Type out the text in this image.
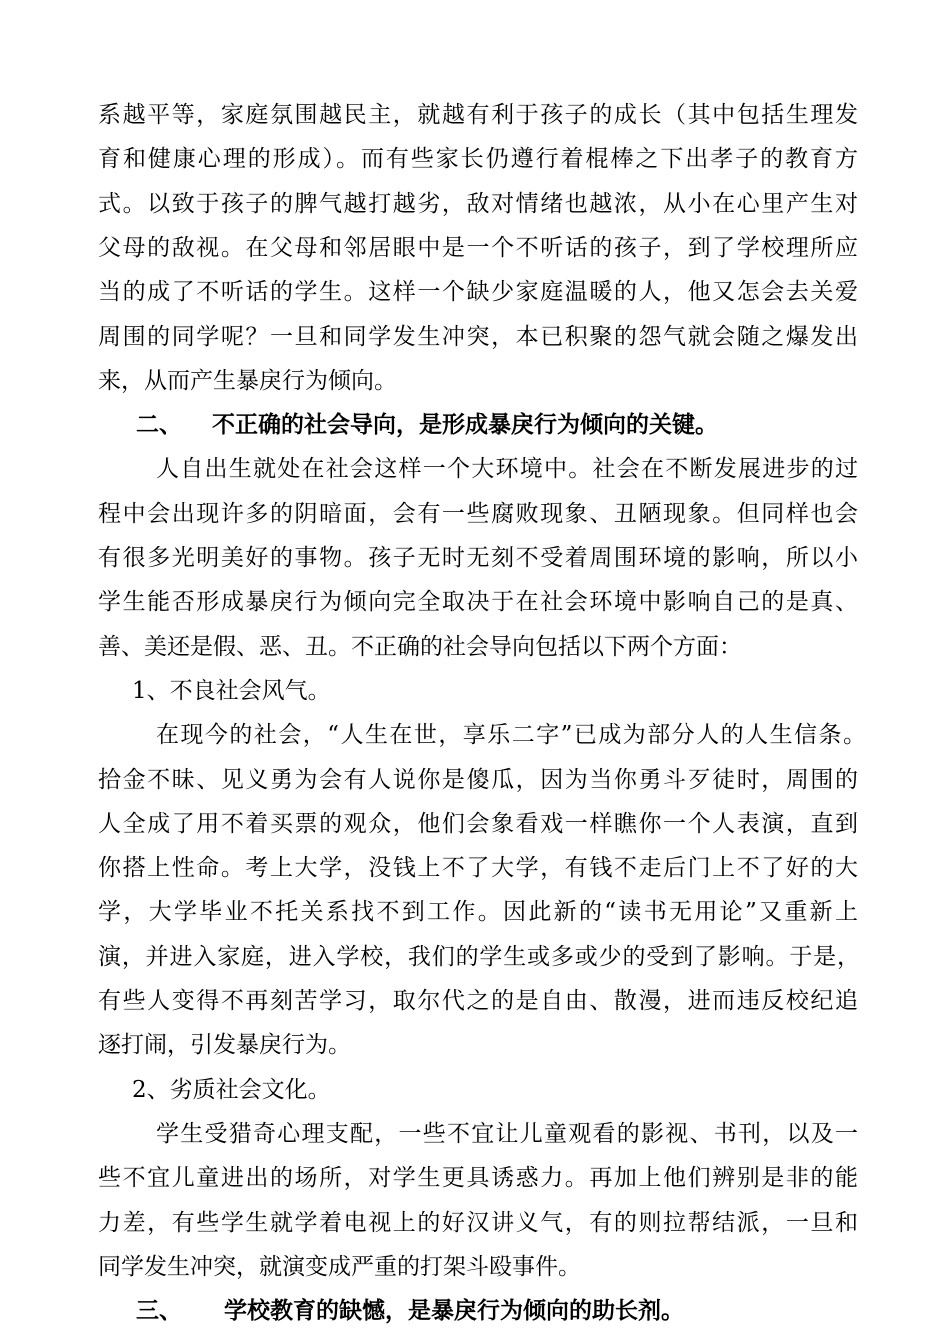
系越平等，家庭氛围越民主，就越有利于孩子的成长（其中包括生理发
育和健康心理的形成）。而有些家长仍遵行着棍棒之下出孝子的教育方
式。以致于孩子的脾气越打越劣，敌对情绪也越浓，从小在心里产生对
父母的敌视。在父母和邻居眼中是一个不听话的孩子，到了学校理所应
当的成了不听话的学生。这样一个缺少家庭温暖的人，他又怎会去关爱
周围的同学呢？一旦和同学发生冲突，本已积聚的怨气就会随之爆发出
来，从而产生暴戾行为倾向。
二、 不正确的社会导向，是形成暴戾行为倾向的关键。
人自出生就处在社会这样一个大环境中。社会在不断发展进步的过
程中会出现许多的阴暗面，会有一些腐败现象、丑陋现象。但同样也会
有很多光明美好的事物。孩子无时无刻不受着周围环境的影响，所以小
学生能否形成暴戾行为倾向完全取决于在社会环境中影响自己的是真、
善、美还是假、恶、丑。不正确的社会导向包括以下两个方面：
1、不良社会风气。
在现今的社会，“人生在世，享乐二字”已成为部分人的人生信条。
拾金不昧、见义勇为会有人说你是傻瓜，因为当你勇斗歹徒时，周围的
人全成了用不着买票的观众，他们会象看戏一样瞧你一个人表演，直到
你搭上性命。考上大学，没钱上不了大学，有钱不走后门上不了好的大
学，大学毕业不托关系找不到工作。因此新的“读书无用论”又重新上
演，并进入家庭，进入学校，我们的学生或多或少的受到了影响。于是，
有些人变得不再刻苦学习，取尔代之的是自由、散漫，进而违反校纪追
逐打闹，引发暴戾行为。
2、劣质社会文化。
学生受猎奇心理支配，一些不宜让儿童观看的影视、书刊，以及一
些不宜儿童进出的场所，对学生更具诱惑力。再加上他们辨别是非的能
力差，有些学生就学着电视上的好汉讲义气，有的则拉帮结派，一旦和
同学发生冲突，就演变成严重的打架斗殴事件。
三、 学校教育的缺憾，是暴戾行为倾向的助长剂。
